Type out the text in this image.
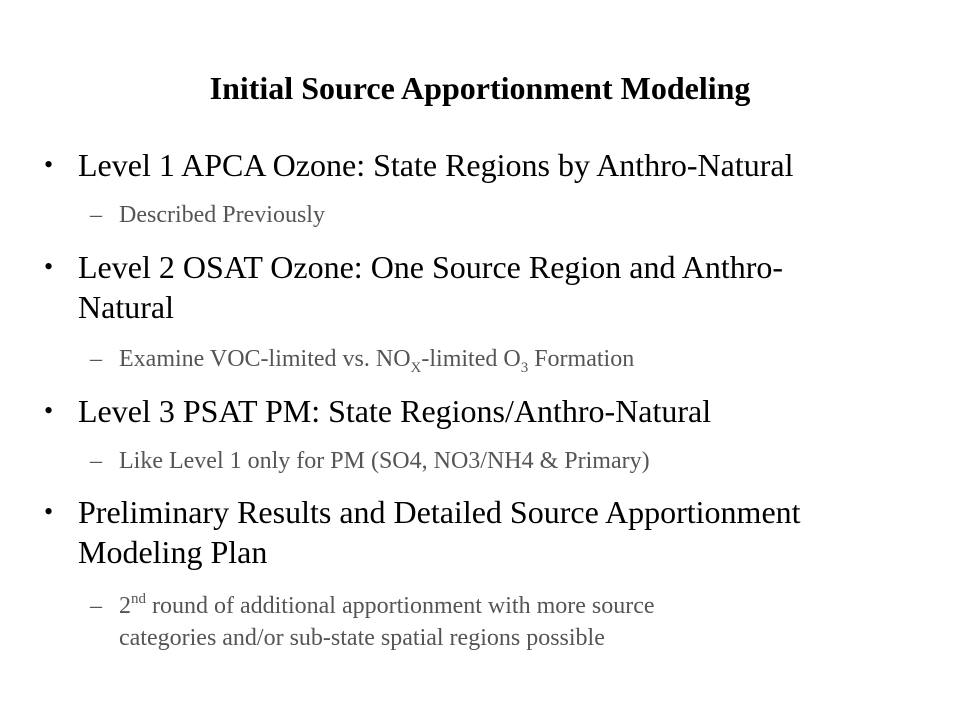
Initial Source Apportionment Modeling
• Level 1 APCA Ozone: State Regions by Anthro-Natural
– Described Previously
• Level 2 OSAT Ozone: One Source Region and Anthro-
Natural
– Examine VOC-limited vs. $NO_X$-limited $O_3$ Formation
• Level 3 PSAT PM: State Regions/Anthro-Natural
– Like Level 1 only for PM (SO4, NO3/NH4 & Primary)
• Preliminary Results and Detailed Source Apportionment
Modeling Plan
– 2nd round of additional apportionment with more source
categories and/or sub-state spatial regions possible
